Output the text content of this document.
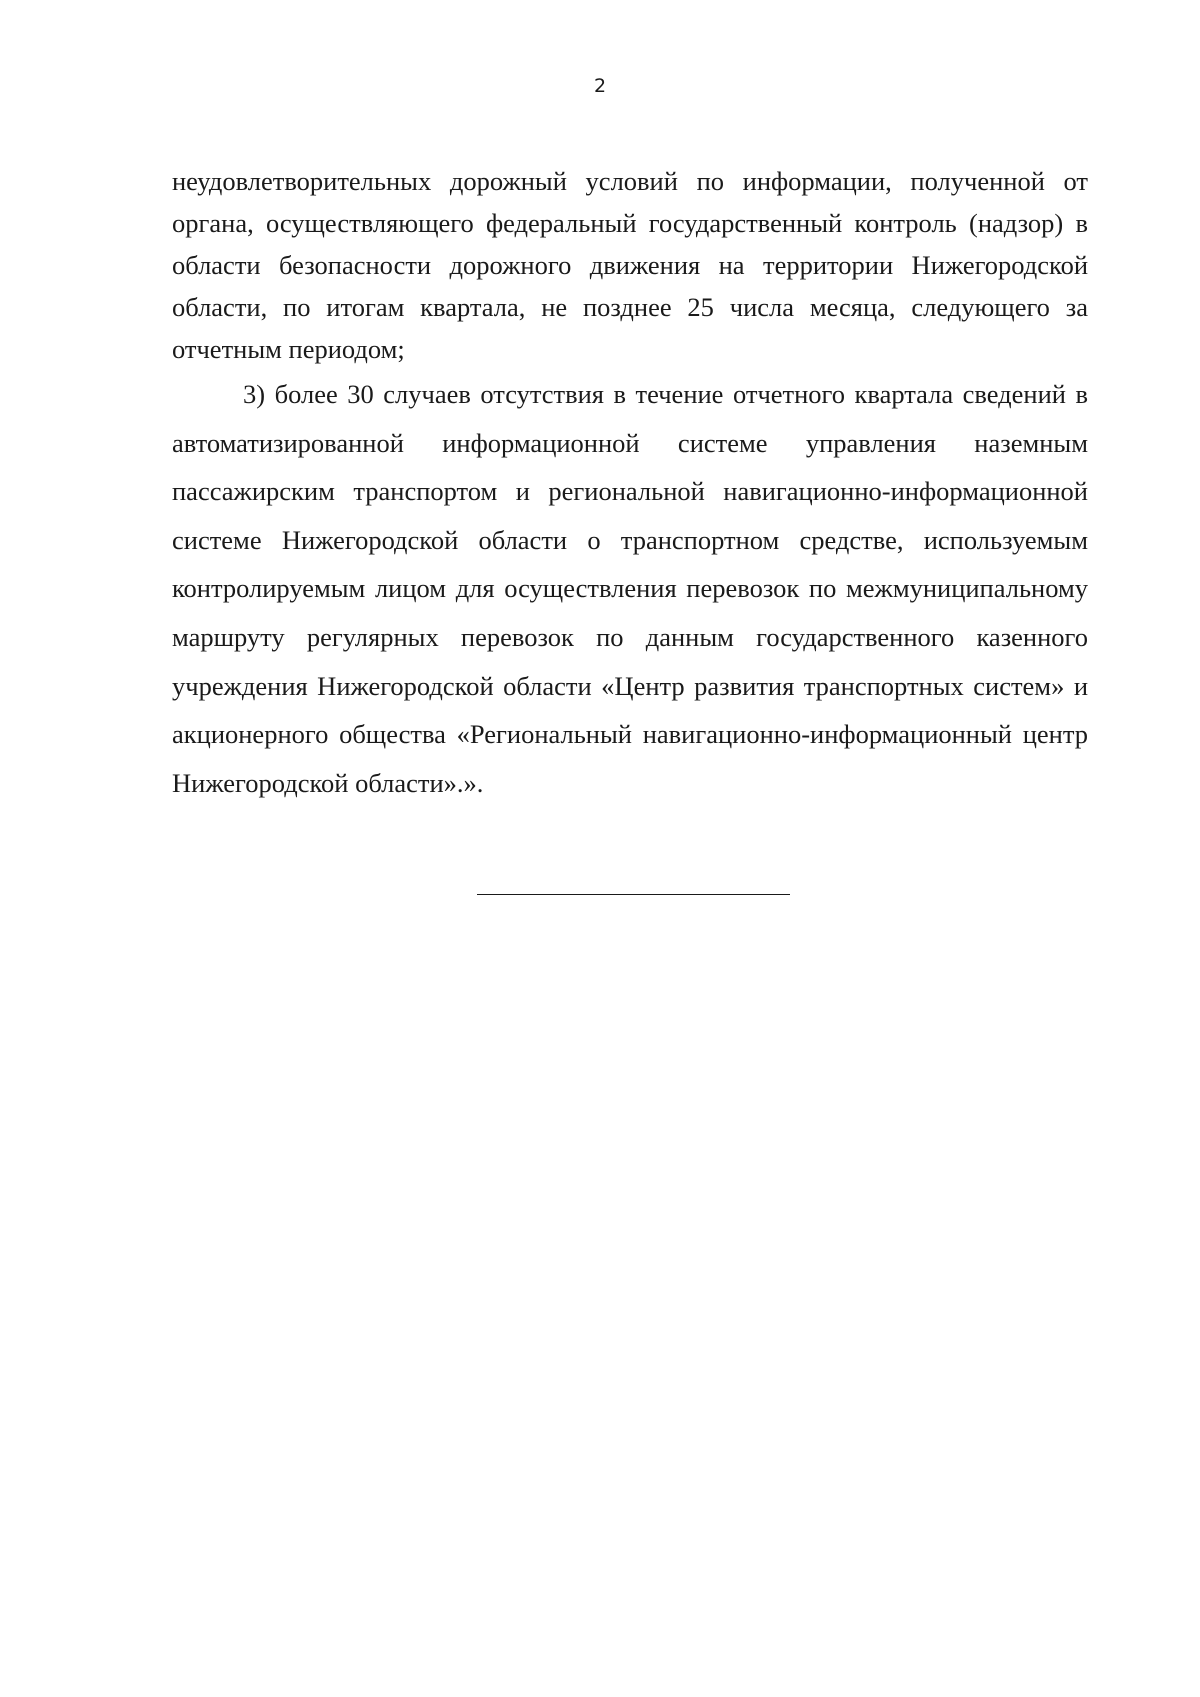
2

неудовлетворительных дорожный условий по информации, полученной от органа, осуществляющего федеральный государственный контроль (надзор) в области безопасности дорожного движения на территории Нижегородской области, по итогам квартала, не позднее 25 числа месяца, следующего за отчетным периодом;

3) более 30 случаев отсутствия в течение отчетного квартала сведений в автоматизированной информационной системе управления наземным пассажирским транспортом и региональной навигационно-информационной системе Нижегородской области о транспортном средстве, используемым контролируемым лицом для осуществления перевозок по межмуниципальному маршруту регулярных перевозок по данным государственного казенного учреждения Нижегородской области «Центр развития транспортных систем» и акционерного общества «Региональный навигационно-информационный центр Нижегородской области».».
